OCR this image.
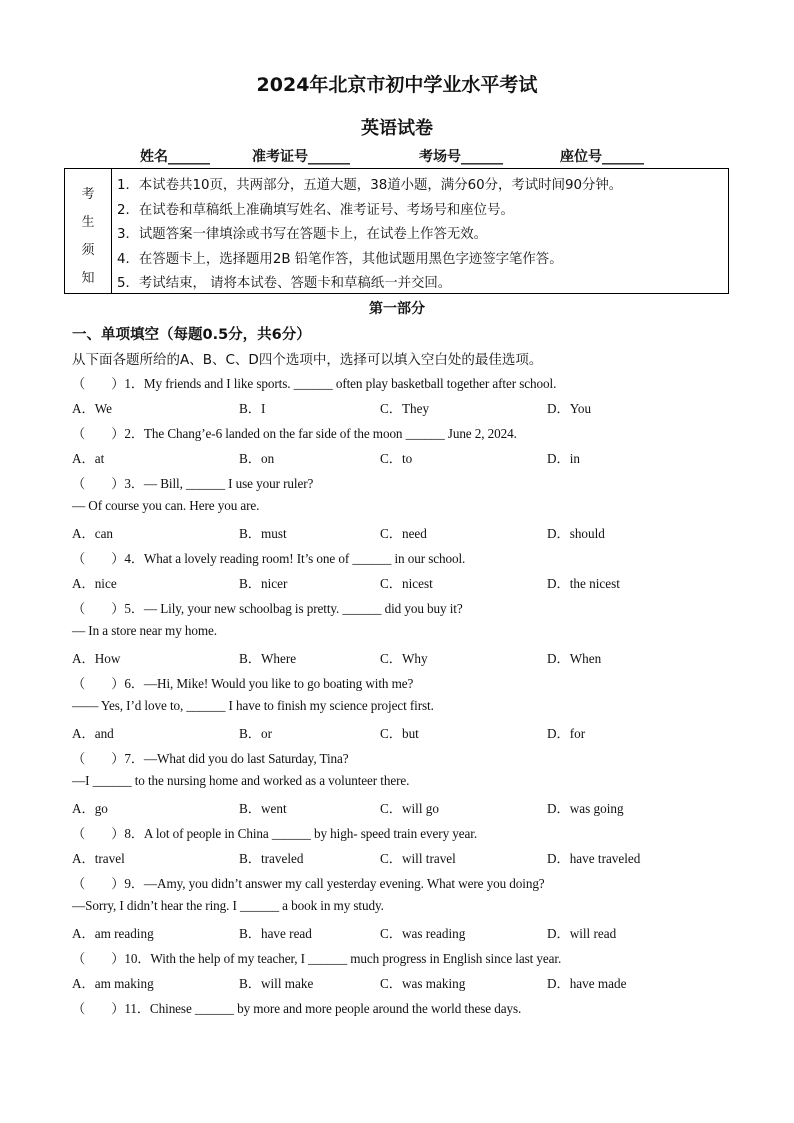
2024年北京市初中学业水平考试
英语试卷
姓名______	准考证号______	考场号______	座位号______
考
生
须
知
1．本试卷共10页，共两部分，五道大题，38道小题，满分60分，考试时间90分钟。
2．在试卷和草稿纸上准确填写姓名、准考证号、考场号和座位号。
3．试题答案一律填涂或书写在答题卡上，在试卷上作答无效。
4．在答题卡上，选择题用2B 铅笔作答，其他试题用黑色字迹签字笔作答。
5．考试结束， 请将本试卷、答题卡和草稿纸一并交回。
第一部分
一、单项填空（每题0.5分，共6分）
从下面各题所给的A、B、C、D四个选项中，选择可以填入空白处的最佳选项。
（　　）1．My friends and I like sports. ______ often play basketball together after school.
A．We	B．I	C．They	D．You
（　　）2．The Chang’e-6 landed on the far side of the moon ______ June 2, 2024.
A．at	B．on	C．to	D．in
（　　）3．— Bill, ______ I use your ruler?
— Of course you can. Here you are.
A．can	B．must	C．need	D．should
（　　）4．What a lovely reading room! It’s one of ______ in our school.
A．nice	B．nicer	C．nicest	D．the nicest
（　　）5．— Lily, your new schoolbag is pretty. ______ did you buy it?
— In a store near my home.
A．How	B．Where	C．Why	D．When
（　　）6．—Hi, Mike! Would you like to go boating with me?
—— Yes, I’d love to, ______ I have to finish my science project first.
A．and	B．or	C．but	D．for
（　　）7．—What did you do last Saturday, Tina?
—I ______ to the nursing home and worked as a volunteer there.
A．go	B．went	C．will go	D．was going
（　　）8．A lot of people in China ______ by high- speed train every year.
A．travel	B．traveled	C．will travel	D．have traveled
（　　）9．—Amy, you didn’t answer my call yesterday evening. What were you doing?
—Sorry, I didn’t hear the ring. I ______ a book in my study.
A．am reading	B．have read	C．was reading	D．will read
（　　）10．With the help of my teacher, I ______ much progress in English since last year.
A．am making	B．will make	C．was making	D．have made
（　　）11．Chinese ______ by more and more people around the world these days.
